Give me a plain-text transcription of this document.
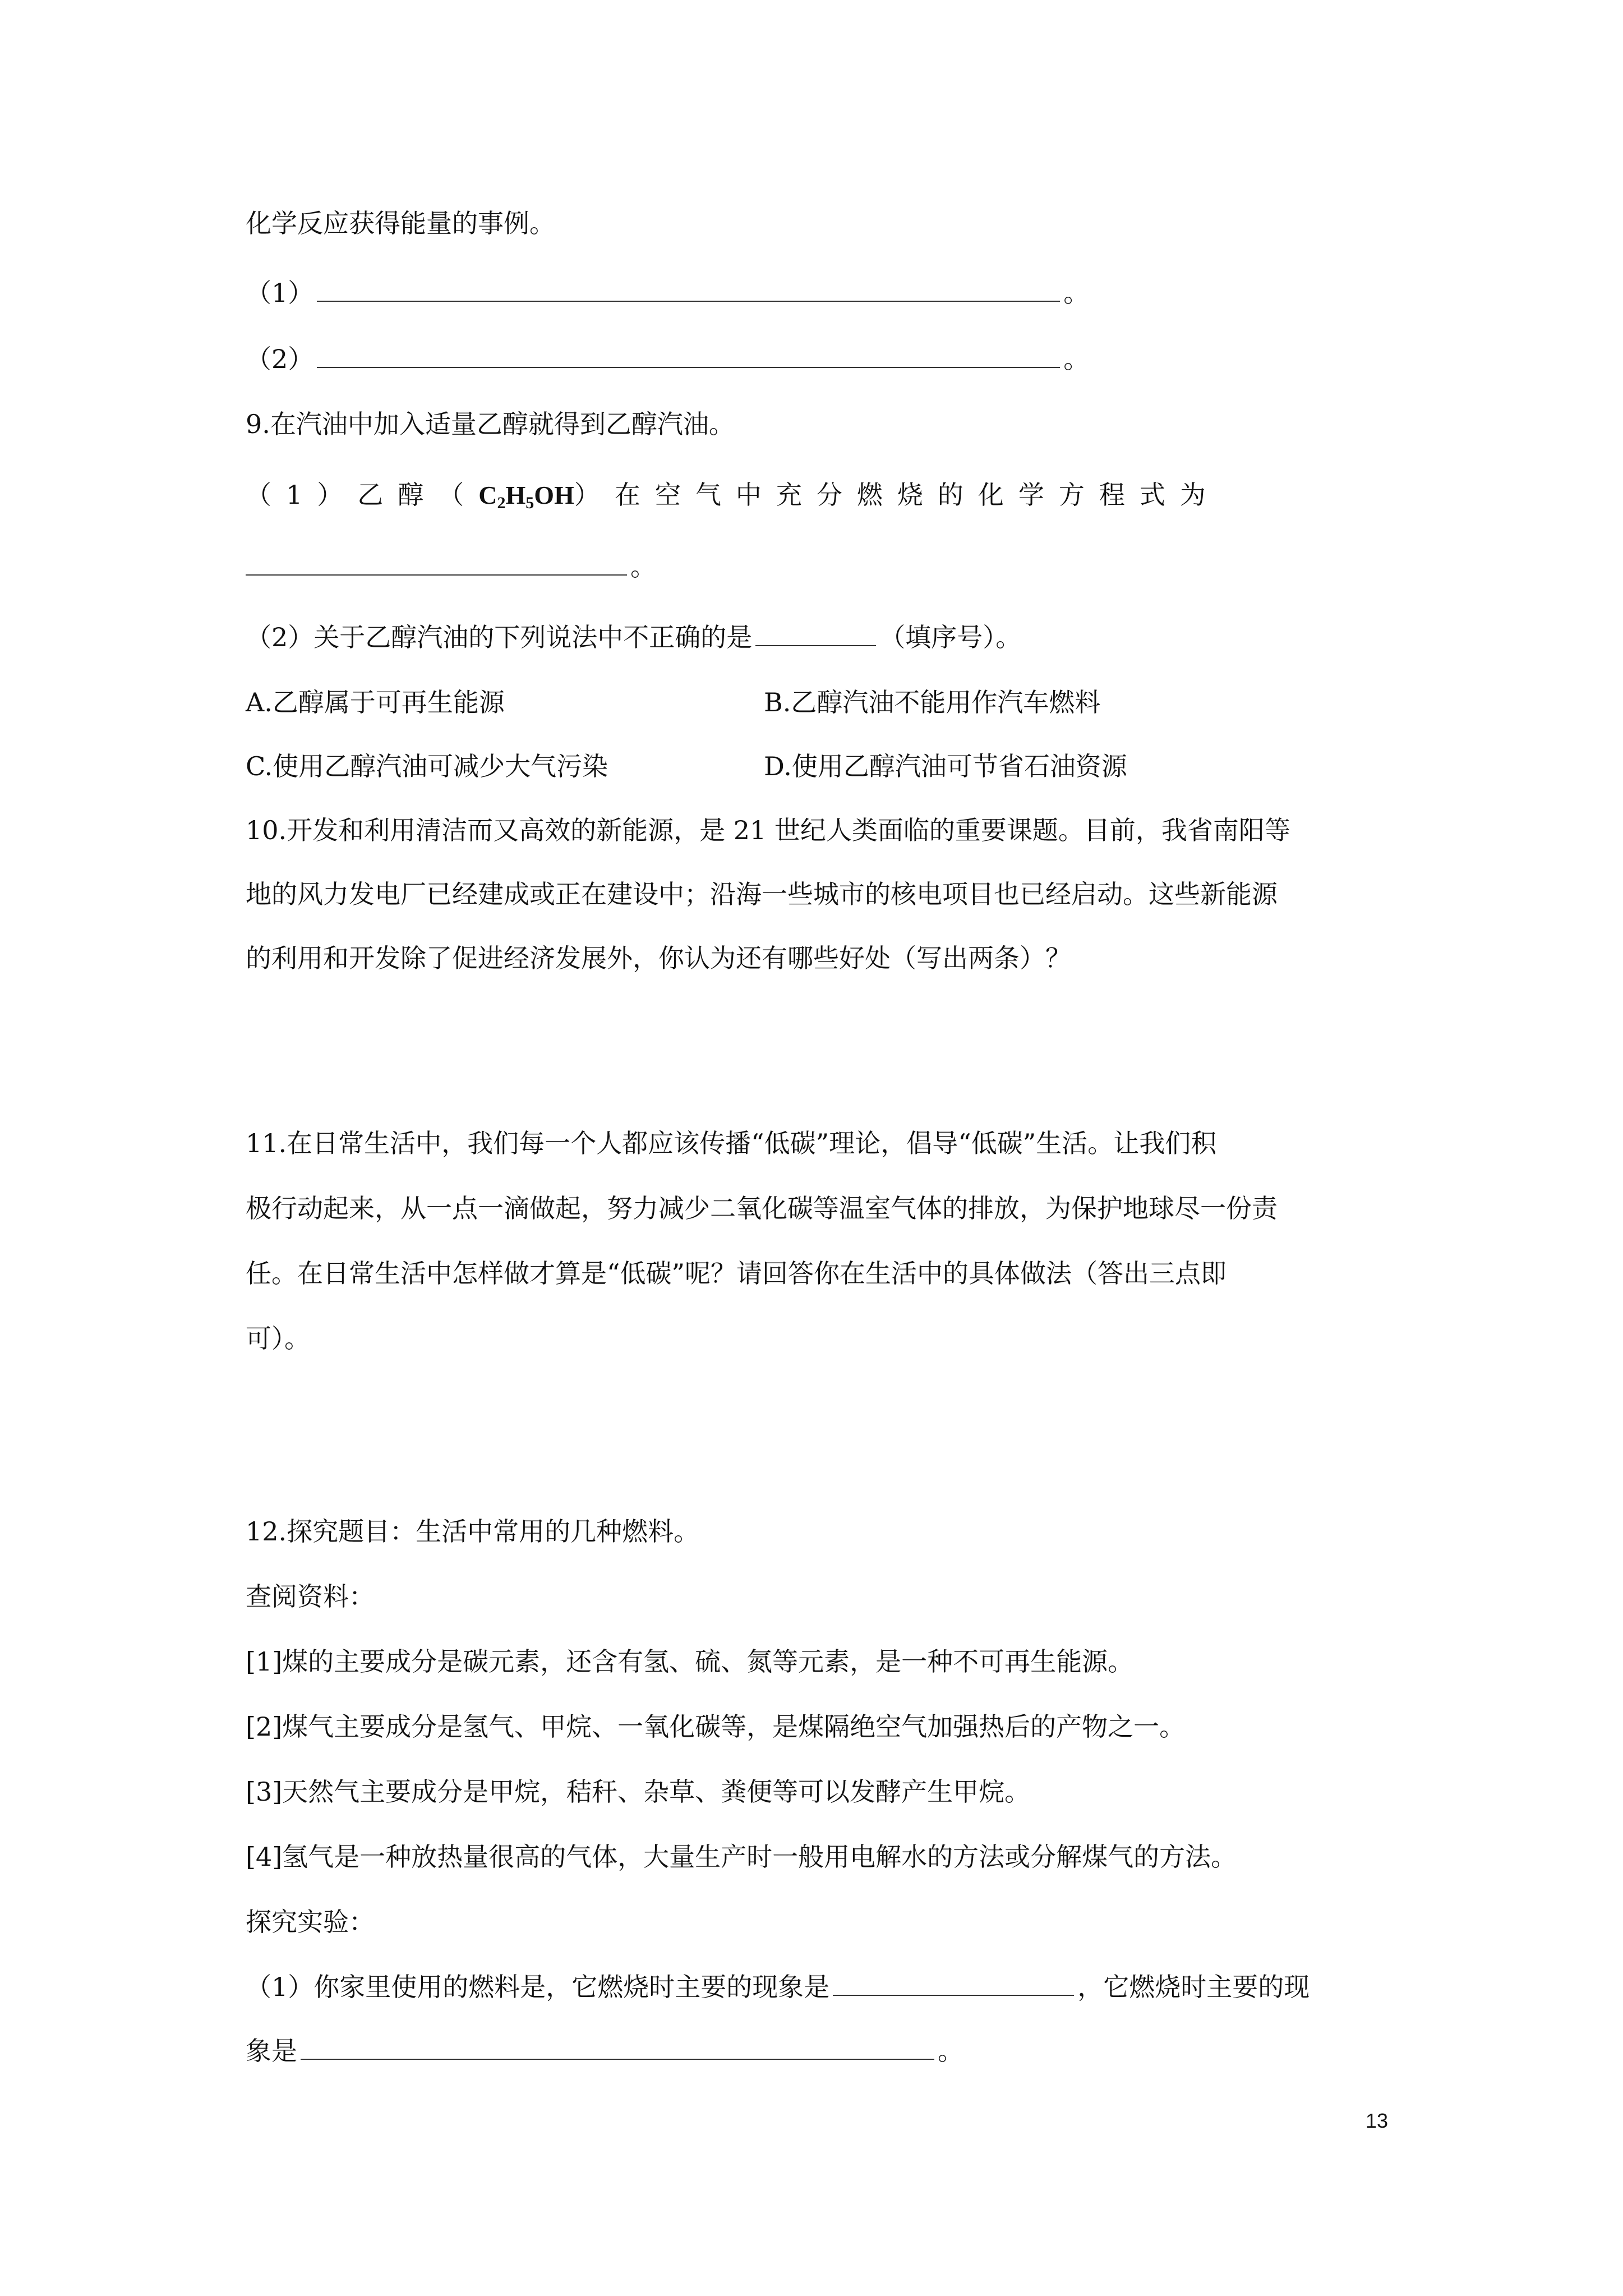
化学反应获得能量的事例。
（1）	。
（2）	。
9.在汽油中加入适量乙醇就得到乙醇汽油。
（1）乙醇$(C_2H_5OH)$在空气中充分燃烧的化学方程式为
。
（2）关于乙醇汽油的下列说法中不正确的是	（填序号）。
A.乙醇属于可再生能源	B.乙醇汽油不能用作汽车燃料
C.使用乙醇汽油可减少大气污染	D.使用乙醇汽油可节省石油资源
10.开发和利用清洁而又高效的新能源，是 21 世纪人类面临的重要课题。目前，我省南阳等
地的风力发电厂已经建成或正在建设中；沿海一些城市的核电项目也已经启动。这些新能源
的利用和开发除了促进经济发展外，你认为还有哪些好处（写出两条）？
11.在日常生活中，我们每一个人都应该传播“低碳”理论，倡导“低碳”生活。让我们积
极行动起来，从一点一滴做起，努力减少二氧化碳等温室气体的排放，为保护地球尽一份责
任。在日常生活中怎样做才算是“低碳”呢？请回答你在生活中的具体做法（答出三点即
可）。
12.探究题目：生活中常用的几种燃料。
查阅资料：
[1]煤的主要成分是碳元素，还含有氢、硫、氮等元素，是一种不可再生能源。
[2]煤气主要成分是氢气、甲烷、一氧化碳等，是煤隔绝空气加强热后的产物之一。
[3]天然气主要成分是甲烷，秸秆、杂草、粪便等可以发酵产生甲烷。
[4]氢气是一种放热量很高的气体，大量生产时一般用电解水的方法或分解煤气的方法。
探究实验：
（1）你家里使用的燃料是，它燃烧时主要的现象是	，它燃烧时主要的现
象是	。
13
